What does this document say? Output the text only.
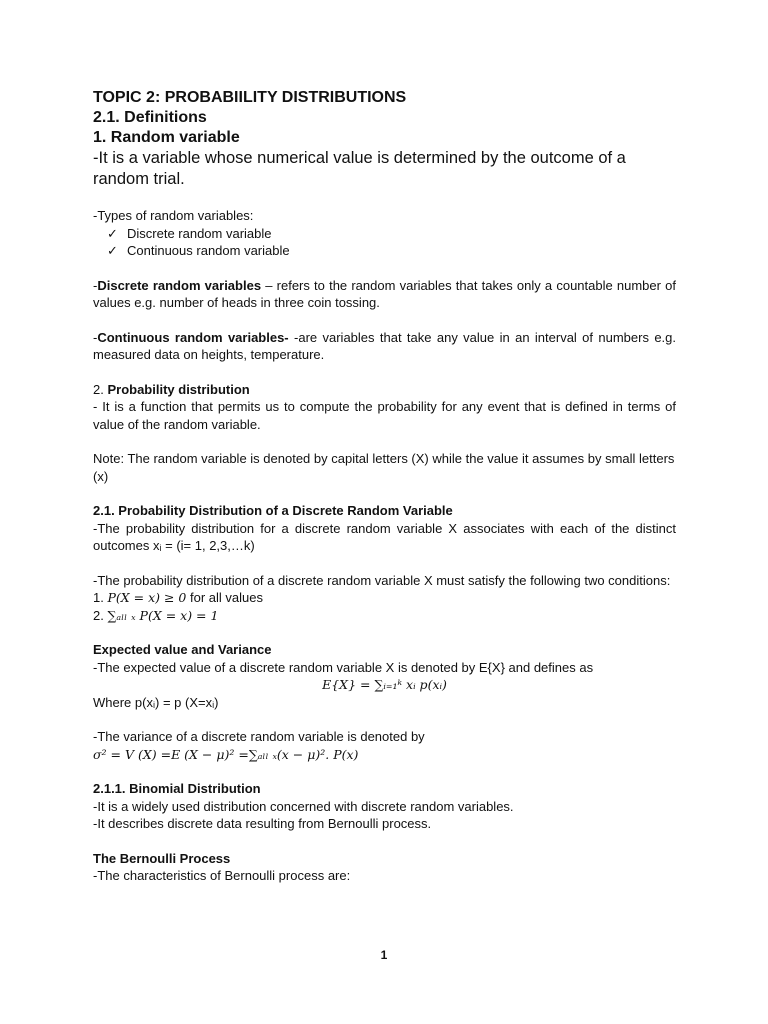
TOPIC 2: PROBABIILITY DISTRIBUTIONS
2.1. Definitions
1. Random variable

-It is a variable whose numerical value is determined by the outcome of a random trial.

-Types of random variables:

✓ Discrete random variable

✓ Continuous random variable

-Discrete random variables – refers to the random variables that takes only a countable number of values e.g. number of heads in three coin tossing.

-Continuous random variables- -are variables that take any value in an interval of numbers e.g. measured data on heights, temperature.

2. Probability distribution

- It is a function that permits us to compute the probability for any event that is defined in terms of value of the random variable.

Note: The random variable is denoted by capital letters (X) while the value it assumes by small letters (x)

2.1. Probability Distribution of a Discrete Random Variable

-The probability distribution for a discrete random variable X associates with each of the distinct outcomes xᵢ = (i= 1, 2,3,…k)

-The probability distribution of a discrete random variable X must satisfy the following two conditions:

1. P(X = x) ≥ 0 for all values

2. ∑ₐₗₗ ₓ P(X = x) = 1

Expected value and Variance

-The expected value of a discrete random variable X is denoted by E{X} and defines as

E{X} = ∑ᵢ₌₁ᵏ xᵢ p(xᵢ)

Where p(xᵢ) = p (X=xᵢ)

-The variance of a discrete random variable is denoted by

σ² = V (X) =E (X − μ)² =∑ₐₗₗ ₓ(x − μ)². P(x)

2.1.1. Binomial Distribution

-It is a widely used distribution concerned with discrete random variables.

-It describes discrete data resulting from Bernoulli process.

The Bernoulli Process

-The characteristics of Bernoulli process are:

1
